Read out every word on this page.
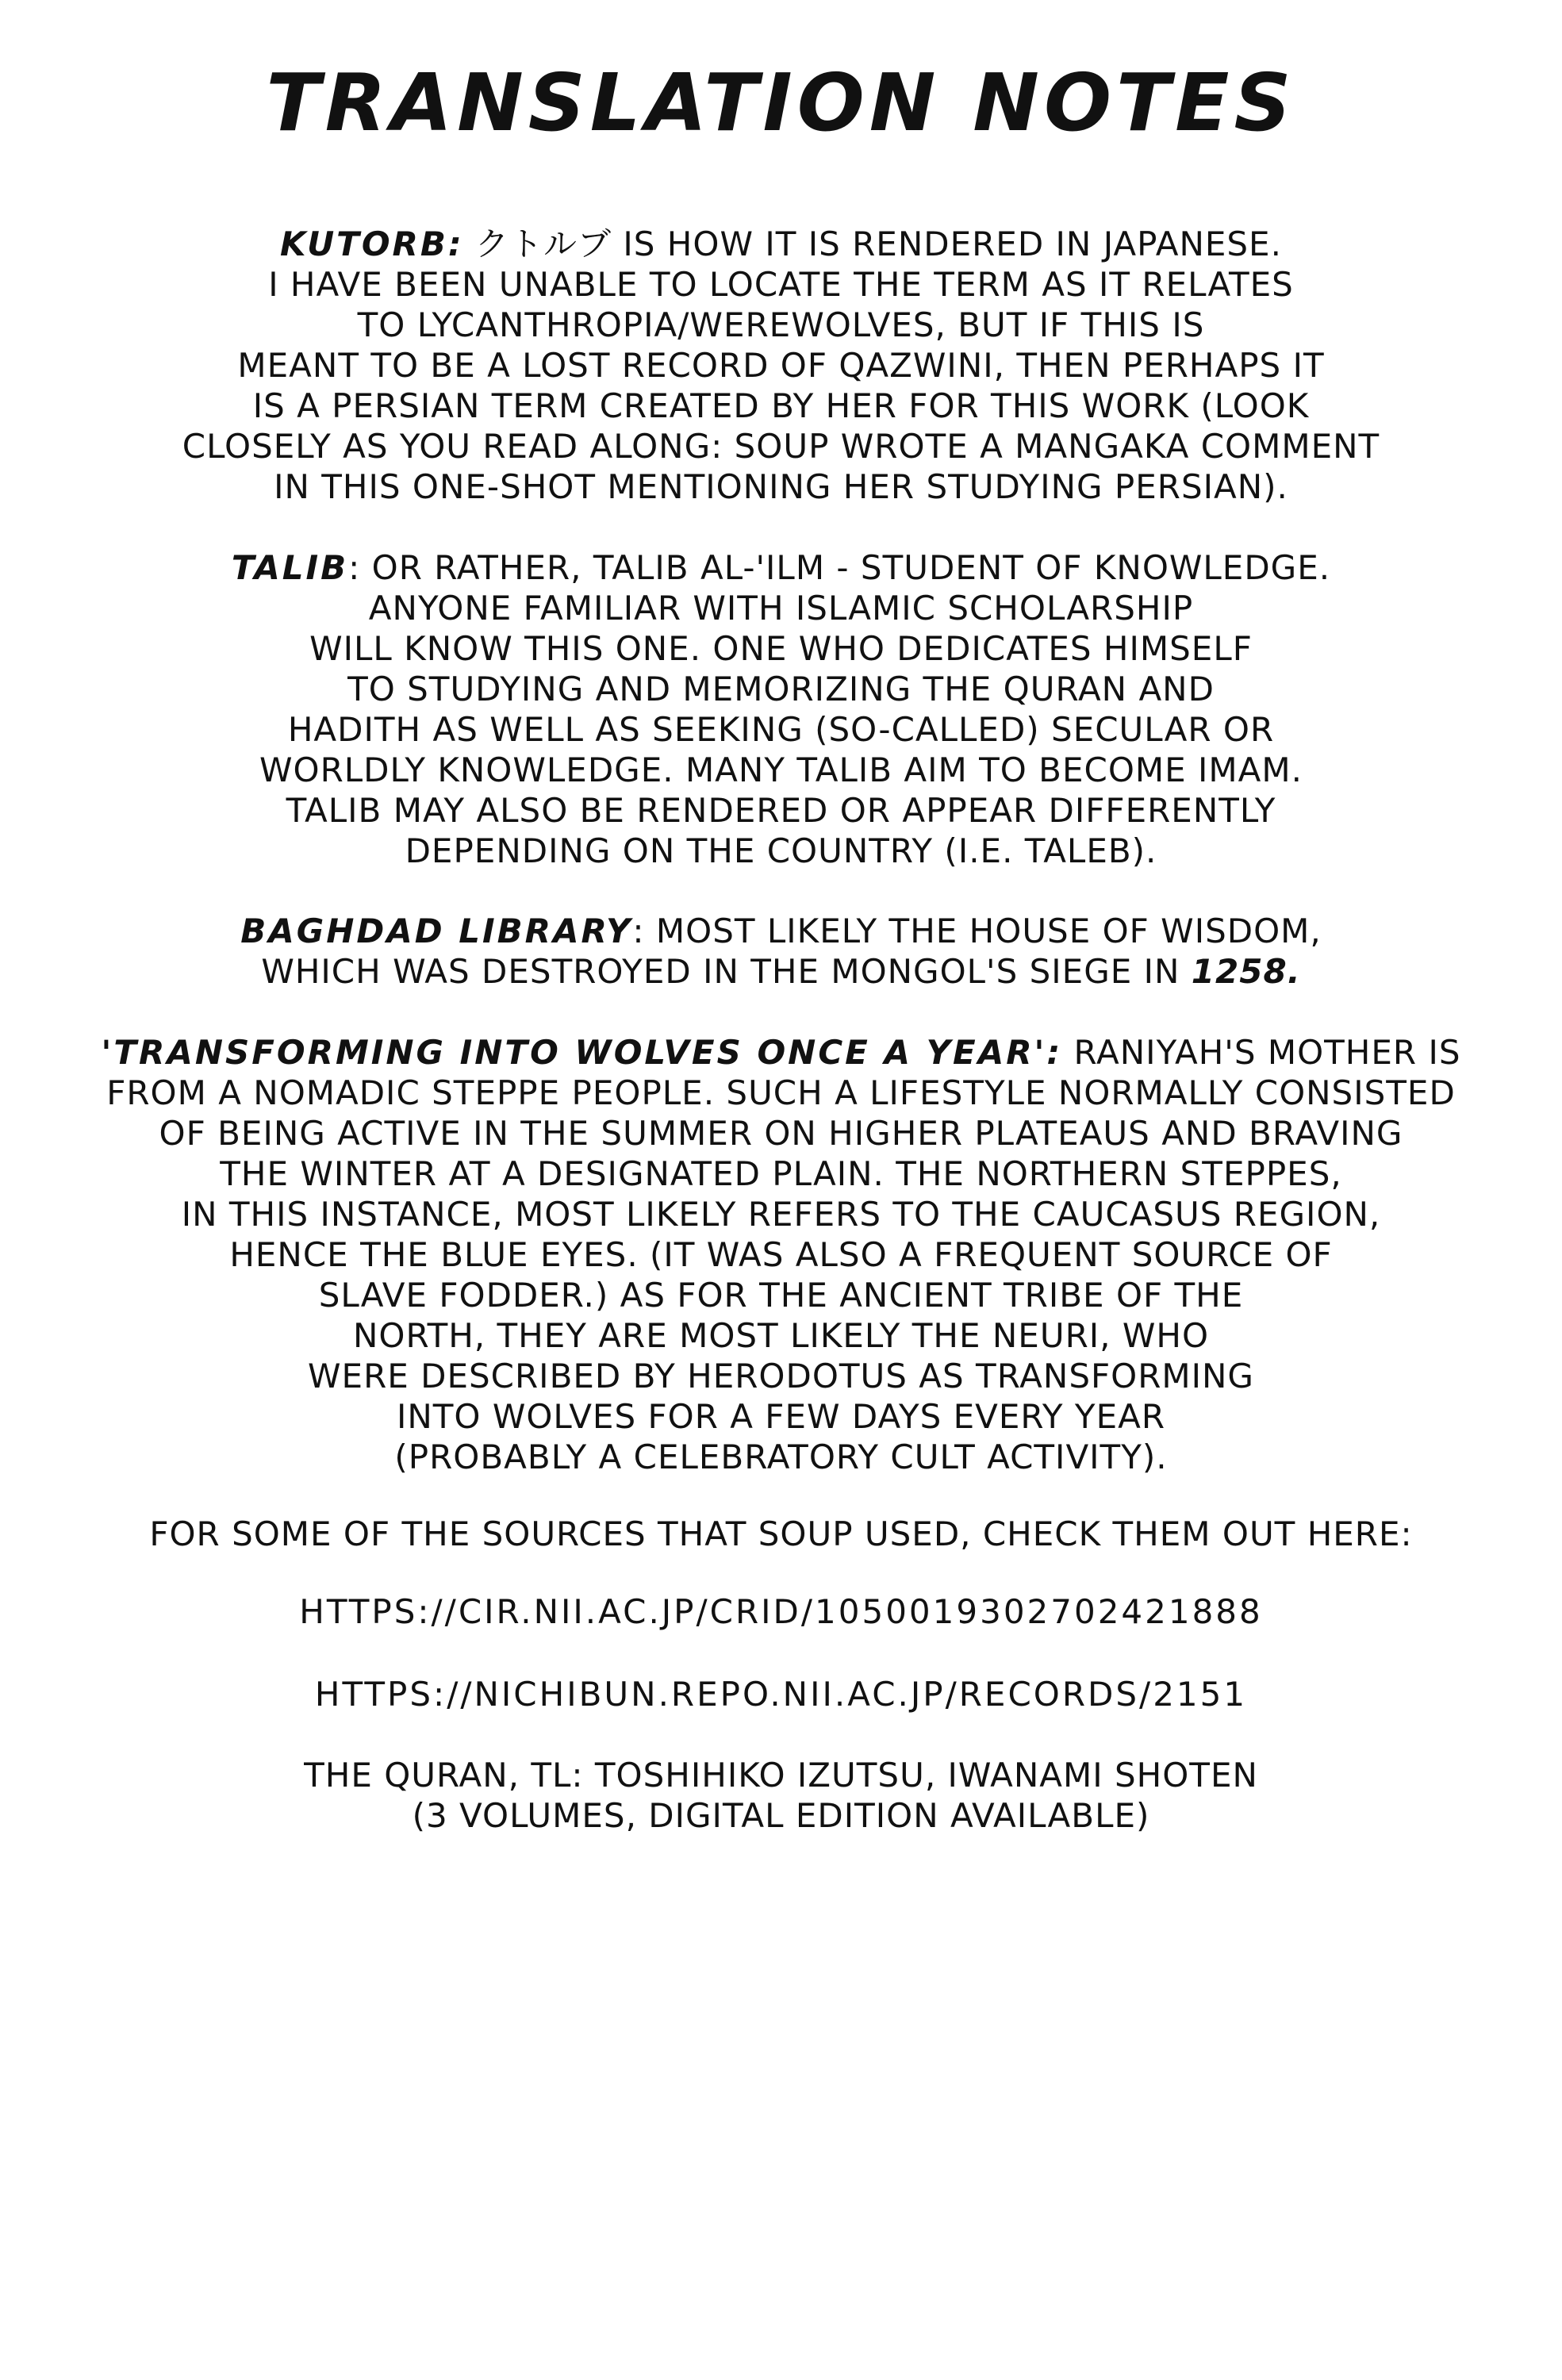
TRANSLATION NOTES
KUTORB: クトルブ IS HOW IT IS RENDERED IN JAPANESE.
I HAVE BEEN UNABLE TO LOCATE THE TERM AS IT RELATES
TO LYCANTHROPIA/WEREWOLVES, BUT IF THIS IS
MEANT TO BE A LOST RECORD OF QAZWINI, THEN PERHAPS IT
IS A PERSIAN TERM CREATED BY HER FOR THIS WORK (LOOK
CLOSELY AS YOU READ ALONG: SOUP WROTE A MANGAKA COMMENT
IN THIS ONE-SHOT MENTIONING HER STUDYING PERSIAN).
TALIB: OR RATHER, TALIB AL-'ILM - STUDENT OF KNOWLEDGE.
ANYONE FAMILIAR WITH ISLAMIC SCHOLARSHIP
WILL KNOW THIS ONE. ONE WHO DEDICATES HIMSELF
TO STUDYING AND MEMORIZING THE QURAN AND
HADITH AS WELL AS SEEKING (SO-CALLED) SECULAR OR
WORLDLY KNOWLEDGE. MANY TALIB AIM TO BECOME IMAM.
TALIB MAY ALSO BE RENDERED OR APPEAR DIFFERENTLY
DEPENDING ON THE COUNTRY (I.E. TALEB).
BAGHDAD LIBRARY: MOST LIKELY THE HOUSE OF WISDOM,
WHICH WAS DESTROYED IN THE MONGOL'S SIEGE IN 1258.
'TRANSFORMING INTO WOLVES ONCE A YEAR': RANIYAH'S MOTHER IS
FROM A NOMADIC STEPPE PEOPLE. SUCH A LIFESTYLE NORMALLY CONSISTED
OF BEING ACTIVE IN THE SUMMER ON HIGHER PLATEAUS AND BRAVING
THE WINTER AT A DESIGNATED PLAIN. THE NORTHERN STEPPES,
IN THIS INSTANCE, MOST LIKELY REFERS TO THE CAUCASUS REGION,
HENCE THE BLUE EYES. (IT WAS ALSO A FREQUENT SOURCE OF
SLAVE FODDER.) AS FOR THE ANCIENT TRIBE OF THE
NORTH, THEY ARE MOST LIKELY THE NEURI, WHO
WERE DESCRIBED BY HERODOTUS AS TRANSFORMING
INTO WOLVES FOR A FEW DAYS EVERY YEAR
(PROBABLY A CELEBRATORY CULT ACTIVITY).
FOR SOME OF THE SOURCES THAT SOUP USED, CHECK THEM OUT HERE:
HTTPS://CIR.NII.AC.JP/CRID/1050019302702421888
HTTPS://NICHIBUN.REPO.NII.AC.JP/RECORDS/2151
THE QURAN, TL: TOSHIHIKO IZUTSU, IWANAMI SHOTEN
(3 VOLUMES, DIGITAL EDITION AVAILABLE)
